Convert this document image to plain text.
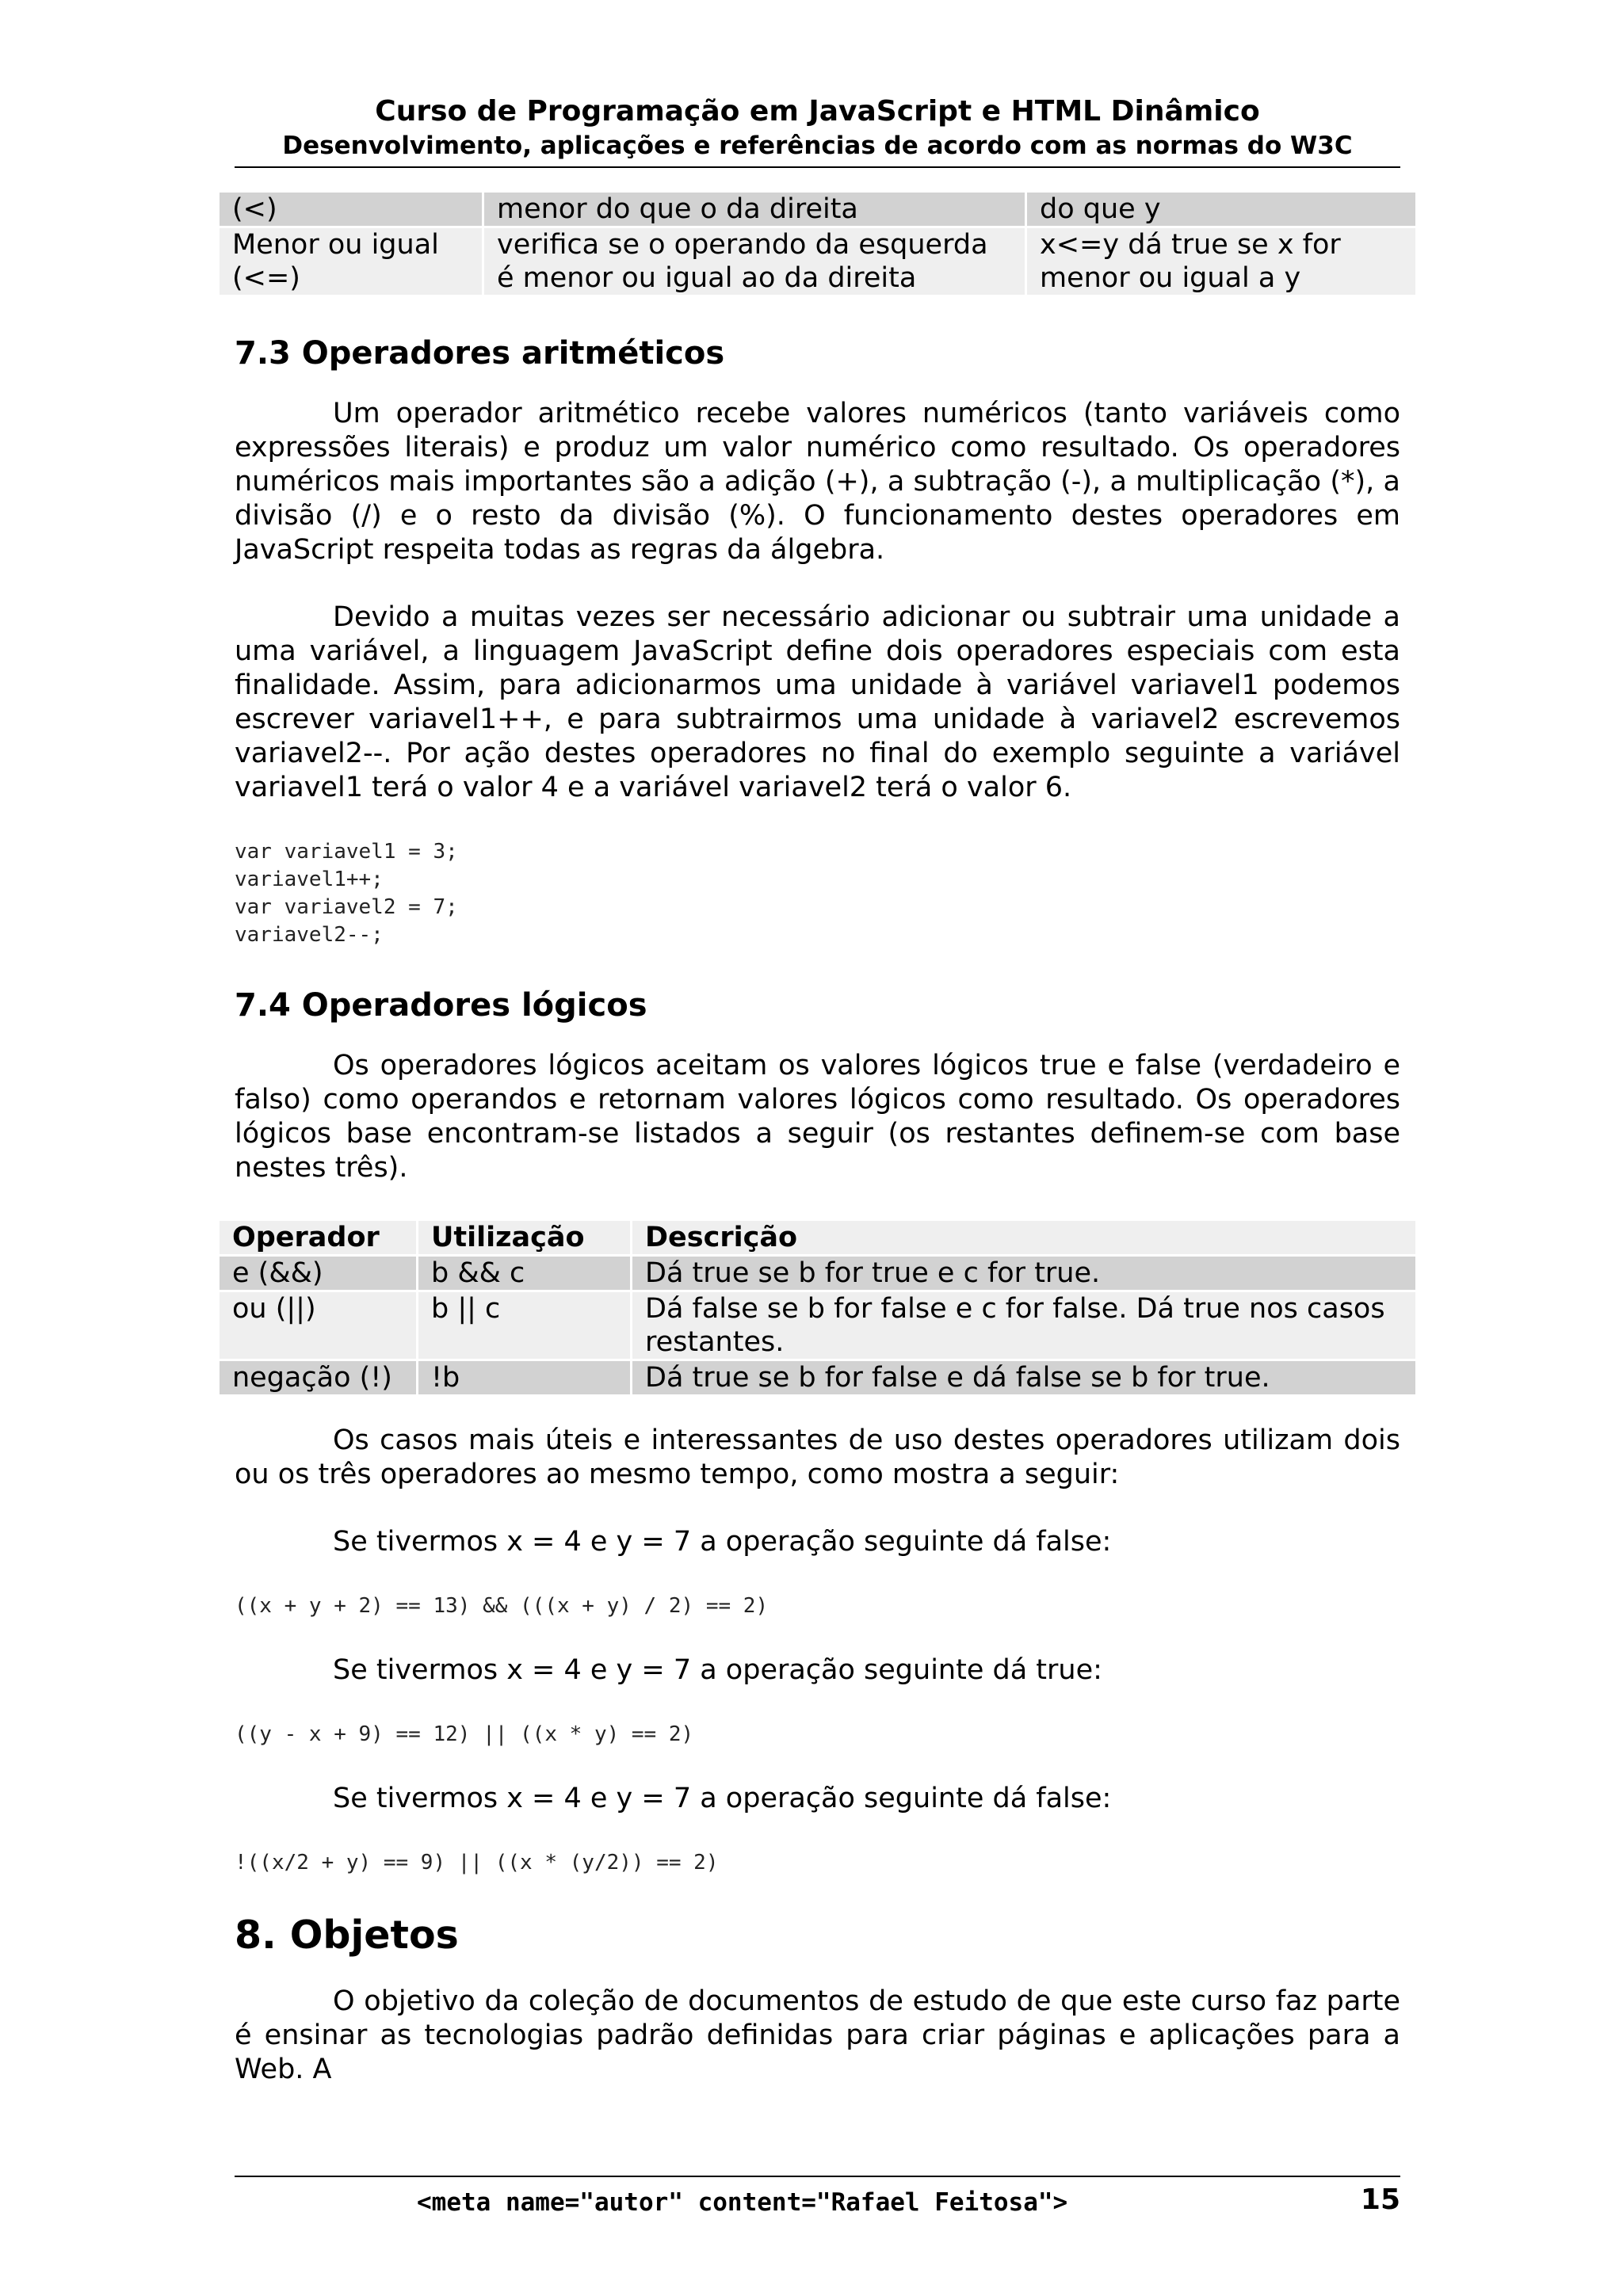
Curso de Programação em JavaScript e HTML Dinâmico
Desenvolvimento, aplicações e referências de acordo com as normas do W3C
(<)	menor do que o da direita	do que y
Menor ou igual (<=)	verifica se o operando da esquerda é menor ou igual ao da direita	x<=y dá true se x for menor ou igual a y
7.3 Operadores aritméticos

Um operador aritmético recebe valores numéricos (tanto variáveis como expressões literais) e produz um valor numérico como resultado. Os operadores numéricos mais importantes são a adição (+), a subtração (-), a multiplicação (*), a divisão (/) e o resto da divisão (%). O funcionamento destes operadores em JavaScript respeita todas as regras da álgebra.

Devido a muitas vezes ser necessário adicionar ou subtrair uma unidade a uma variável, a linguagem JavaScript define dois operadores especiais com esta finalidade. Assim, para adicionarmos uma unidade à variável variavel1 podemos escrever variavel1++, e para subtrairmos uma unidade à variavel2 escrevemos variavel2--. Por ação destes operadores no final do exemplo seguinte a variável variavel1 terá o valor 4 e a variável variavel2 terá o valor 6.

var variavel1 = 3;
variavel1++;
var variavel2 = 7;
variavel2--;
7.4 Operadores lógicos

Os operadores lógicos aceitam os valores lógicos true e false (verdadeiro e falso) como operandos e retornam valores lógicos como resultado. Os operadores lógicos base encontram-se listados a seguir (os restantes definem-se com base nestes três).

Operador	Utilização	Descrição
e (&&)	b && c	Dá true se b for true e c for true.
ou (||)	b || c	Dá false se b for false e c for false. Dá true nos casos restantes.
negação (!)	!b	Dá true se b for false e dá false se b for true.

Os casos mais úteis e interessantes de uso destes operadores utilizam dois ou os três operadores ao mesmo tempo, como mostra a seguir:

Se tivermos x = 4 e y = 7 a operação seguinte dá false:

((x + y + 2) == 13) && (((x + y) / 2) == 2)

Se tivermos x = 4 e y = 7 a operação seguinte dá true:

((y - x + 9) == 12) || ((x * y) == 2)

Se tivermos x = 4 e y = 7 a operação seguinte dá false:

!((x/2 + y) == 9) || ((x * (y/2)) == 2)
8. Objetos

O objetivo da coleção de documentos de estudo de que este curso faz parte é ensinar as tecnologias padrão definidas para criar páginas e aplicações para a Web. A

<meta name="autor" content="Rafael Feitosa">	15
